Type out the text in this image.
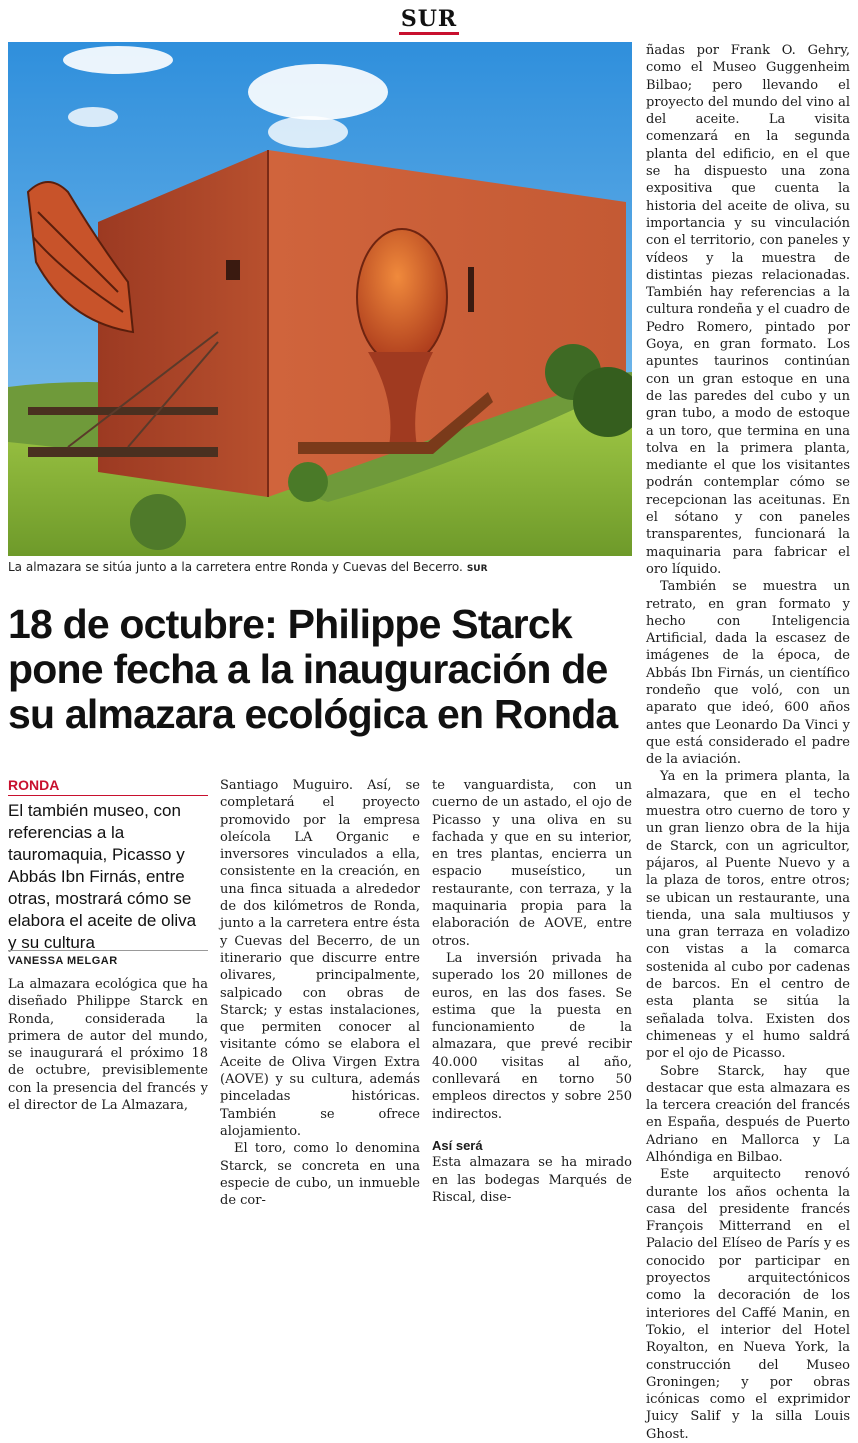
SUR
La almazara se sitúa junto a la carretera entre Ronda y Cuevas del Becerro. SUR
18 de octubre: Philippe Starck pone fecha a la inauguración de su almazara ecológica en Ronda
RONDA

El también museo, con referencias a la tauromaquia, Picasso y Abbás Ibn Firnás, entre otras, mostrará cómo se elabora el aceite de oliva y su cultura

VANESSA MELGAR

La almazara ecológica que ha diseñado Philippe Starck en Ronda, considerada la primera de autor del mundo, se inaugurará el próximo 18 de octubre, previsiblemente con la presencia del francés y el director de La Almazara,

Santiago Muguiro. Así, se completará el proyecto promovido por la empresa oleícola LA Organic e inversores vinculados a ella, consistente en la creación, en una finca situada a alrededor de dos kilómetros de Ronda, junto a la carretera entre ésta y Cuevas del Becerro, de un itinerario que discurre entre olivares, principalmente, salpicado con obras de Starck; y estas instalaciones, que permiten conocer al visitante cómo se elabora el Aceite de Oliva Virgen Extra (AOVE) y su cultura, además pinceladas históricas. También se ofrece alojamiento.

El toro, como lo denomina Starck, se concreta en una especie de cubo, un inmueble de cor-

te vanguardista, con un cuerno de un astado, el ojo de Picasso y una oliva en su fachada y que en su interior, en tres plantas, encierra un espacio museístico, un restaurante, con terraza, y la maquinaria propia para la elaboración de AOVE, entre otros.

La inversión privada ha superado los 20 millones de euros, en las dos fases. Se estima que la puesta en funcionamiento de la almazara, que prevé recibir 40.000 visitas al año, conllevará en torno 50 empleos directos y sobre 250 indirectos.

Así será

Esta almazara se ha mirado en las bodegas Marqués de Riscal, dise-

ñadas por Frank O. Gehry, como el Museo Guggenheim Bilbao; pero llevando el proyecto del mundo del vino al del aceite. La visita comenzará en la segunda planta del edificio, en el que se ha dispuesto una zona expositiva que cuenta la historia del aceite de oliva, su importancia y su vinculación con el territorio, con paneles y vídeos y la muestra de distintas piezas relacionadas. También hay referencias a la cultura rondeña y el cuadro de Pedro Romero, pintado por Goya, en gran formato. Los apuntes taurinos continúan con un gran estoque en una de las paredes del cubo y un gran tubo, a modo de estoque a un toro, que termina en una tolva en la primera planta, mediante el que los visitantes podrán contemplar cómo se recepcionan las aceitunas. En el sótano y con paneles transparentes, funcionará la maquinaria para fabricar el oro líquido.

También se muestra un retrato, en gran formato y hecho con Inteligencia Artificial, dada la escasez de imágenes de la época, de Abbás Ibn Firnás, un científico rondeño que voló, con un aparato que ideó, 600 años antes que Leonardo Da Vinci y que está considerado el padre de la aviación.

Ya en la primera planta, la almazara, que en el techo muestra otro cuerno de toro y un gran lienzo obra de la hija de Starck, con un agricultor, pájaros, al Puente Nuevo y a la plaza de toros, entre otros; se ubican un restaurante, una tienda, una sala multiusos y una gran terraza en voladizo con vistas a la comarca sostenida al cubo por cadenas de barcos. En el centro de esta planta se sitúa la señalada tolva. Existen dos chimeneas y el humo saldrá por el ojo de Picasso.

Sobre Starck, hay que destacar que esta almazara es la tercera creación del francés en España, después de Puerto Adriano en Mallorca y La Alhóndiga en Bilbao.

Este arquitecto renovó durante los años ochenta la casa del presidente francés François Mitterrand en el Palacio del Elíseo de París y es conocido por participar en proyectos arquitectónicos como la decoración de los interiores del Caffé Manin, en Tokio, el interior del Hotel Royalton, en Nueva York, la construcción del Museo Groningen; y por obras icónicas como el exprimidor Juicy Salif y la silla Louis Ghost.
